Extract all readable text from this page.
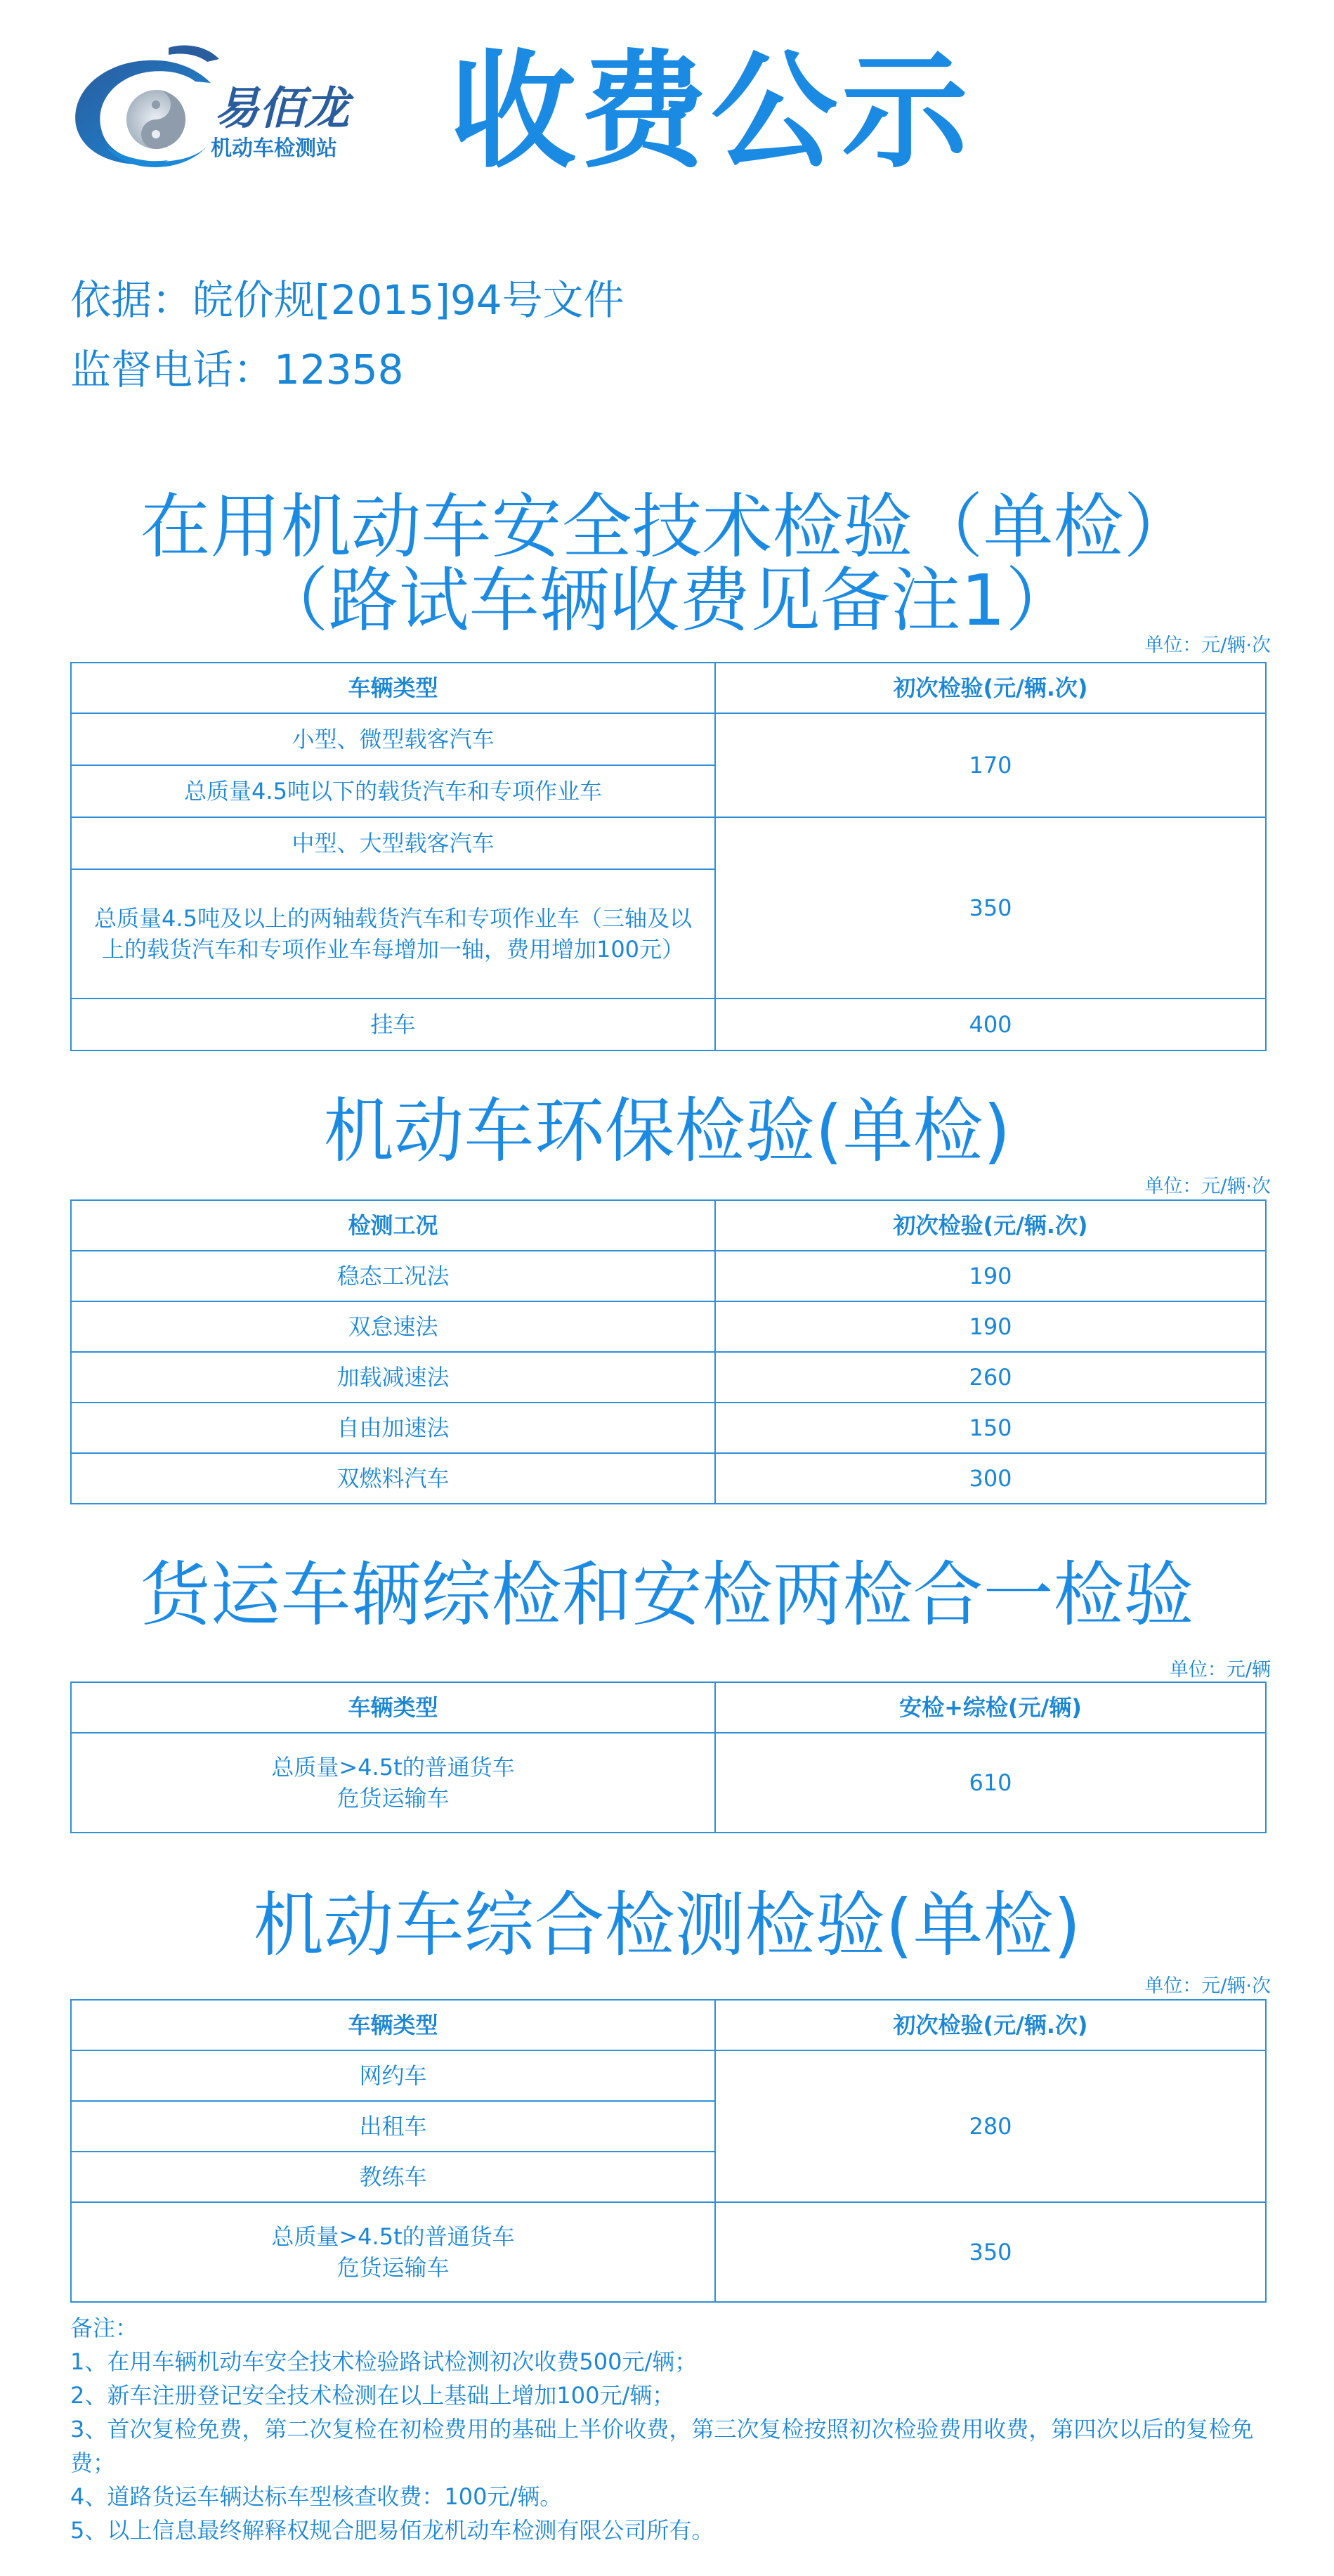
易佰龙
机动车检测站 收费公示
依据：皖价规[2015]94号文件
监督电话：12358
在用机动车安全技术检验（单检）
（路试车辆收费见备注1）
单位：元/辆·次
车辆类型	初次检验(元/辆.次)
小型、微型载客汽车	170
总质量4.5吨以下的载货汽车和专项作业车	
中型、大型载客汽车	350
总质量4.5吨及以上的两轴载货汽车和专项作业车（三轴及以上的载货汽车和专项作业车每增加一轴，费用增加100元）	
挂车	400
机动车环保检验(单检)
单位：元/辆·次
检测工况	初次检验(元/辆.次)
稳态工况法	190
双怠速法	190
加载减速法	260
自由加速法	150
双燃料汽车	300
货运车辆综检和安检两检合一检验
单位：元/辆
车辆类型	安检+综检(元/辆)

总质量>4.5t的普通货车
危货运输车	610
机动车综合检测检验(单检)
单位：元/辆·次
车辆类型	初次检验(元/辆.次)
网约车	280
出租车	
教练车	

总质量>4.5t的普通货车
危货运输车	350
备注：
1、在用车辆机动车安全技术检验路试检测初次收费500元/辆；
2、新车注册登记安全技术检测在以上基础上增加100元/辆；
3、首次复检免费，第二次复检在初检费用的基础上半价收费，第三次复检按照初次检验费用收费，第四次以后的复检免费；
4、道路货运车辆达标车型核查收费：100元/辆。
5、以上信息最终解释权规合肥易佰龙机动车检测有限公司所有。
